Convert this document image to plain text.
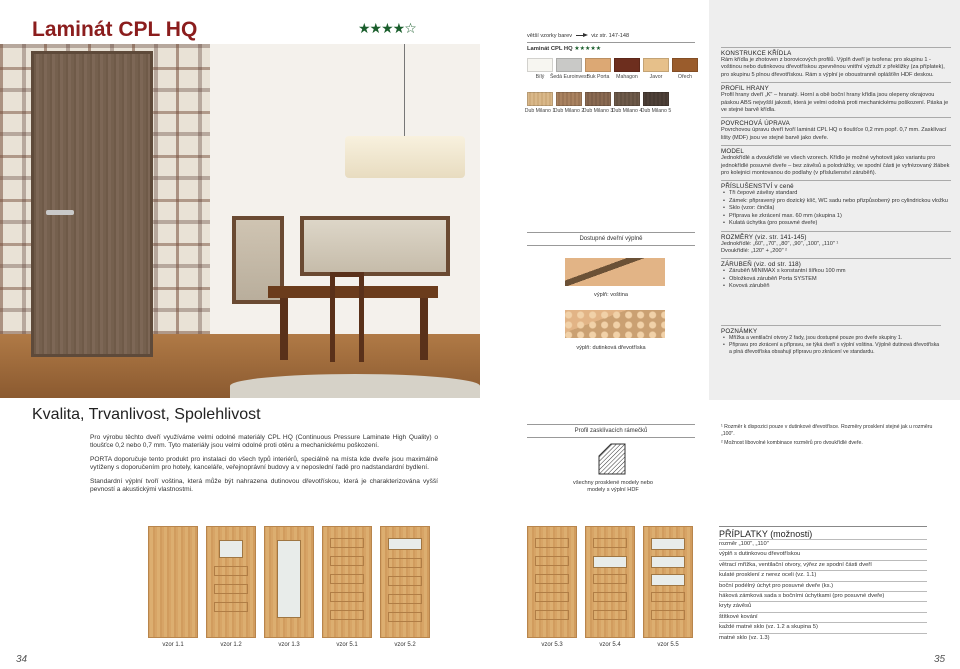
Laminát CPL HQ	★★★★☆
Kvalita, Trvanlivost, Spolehlivost

Pro výrobu těchto dveří využíváme velmi odolné materiály CPL HQ (Continuous Pressure Laminate High Quality) o tloušťce 0,2 nebo 0,7 mm. Tyto materiály jsou velmi odolné proti otěru a mechanickému poškození.

PORTA doporučuje tento produkt pro instalaci do všech typů interiérů, speciálně na místa kde dveře jsou maximálně vytíženy s doporučením pro hotely, kanceláře, veřejnoprávní budovy a v neposlední řadě pro nadstandardní bydlení.

Standardní výplní tvoří voština, která může být nahrazena dutinovou dřevotřískou, která je charakterizována vyšší pevností a akustickými vlastnostmi.

vzor 1.1	vzor 1.2	vzor 1.3	vzor 5.1	vzor 5.2
34
větší vzorky barev	viz str. 147-148
Laminát CPL HQ ★★★★★
Bílý	Šedá Euroinvest
Buk Porta	Mahagon	Javor	Ořech
Dub Milano 1
Dub Milano 2
Dub Milano 3
Dub Milano 4
Dub Milano 5
Dostupné dveřní výplně
výplň: voština
výplň: dutinková dřevotříska
Profil zasklívacích rámečků
všechny prosklené modely nebo modely s výplní HDF
vzor 5.3	vzor 5.4	vzor 5.5
KONSTRUKCE KŘÍDLA
Rám křídla je zhotoven z borovicových profilů. Výplň dveří je tvořena: pro skupinu 1 - voštinou nebo dutinkovou dřevotřískou zpevněnou vnitřní výztuží z překližky (za příplatek), pro skupinu 5 plnou dřevotřískou. Rám s výplní je oboustranně oplášťěn HDF deskou.
PROFIL HRANY
Profil hrany dveří „K" – hranatý. Horní a obě boční hrany křídla jsou olepeny okrajovou páskou ABS nejvyšší jakosti, která je velmi odolná proti mechanickému poškození. Páska je ve stejné barvě křídla.
POVRCHOVÁ ÚPRAVA
Povrchovou úpravu dveří tvoří laminát CPL HQ o tloušťce 0,2 mm popř. 0,7 mm. Zasklívací lišty (MDF) jsou ve stejné barvě jako dveře.
MODEL
Jednokřídlé a dvoukřídlé ve všech vzorech. Křídlo je možné vyhotovit jako variantu pro jednokřídlé posuvné dveře – bez závěsů a polodrážky, ve spodní části je vyfrézovaný žlábek pro kolejnici montovanou do podlahy (v příslušenství záruběň).
PŘÍSLUŠENSTVÍ v ceně
• Tři čepové závěsy standard
• Zámek: připravený pro dozický klíč, WC sadu nebo přizpůsobený pro cylindrickou vložku
• Sklo (vzor: činčila)
• Příprava ke zkrácení max. 60 mm (skupina 1)
• Kulatá úchytka (pro posuvné dveře)
ROZMĚRY (viz. str. 141-145)
Jednokřídlé: „60", „70", „80", „90", „100", „110" ¹
Dvoukřídlé: „120" + „200" ²
ZÁRUBEŇ (viz. od str. 118)
• Záruběň MINIMAX s konstantní šířkou 100 mm
• Obložková záruběň Porta SYSTEM
• Kovová záruběň
POZNÁMKY
• Mřížka a ventilační otvory 2 řady, jsou dostupné pouze pro dveře skupiny 1.
• Připravu pro zkrácení a přípravu, se týká dveří s výplní voština. Výplně dutinová dřevotříska a plná dřevotříska obsahují přípravu pro zkrácení ve standardu.

¹ Rozměr k dispozici pouze v dutinkové dřevotřísce. Rozměry prosklení stejné jak u rozměru „100".

² Možnost libovolné kombinace rozměrů pro dvoukřídlé dveře.

PŘÍPLATKY (možnosti)
rozměr „100", „110"
výplň s dutinkovou dřevotřískou
větrací mřížka, ventilační otvory, výřez ze spodní části dveří
kulaté prosklení z nerez oceli (vz. 1.1)
boční podélný úchyt pro posuvné dveře (ks.)
háková zámková sada s bočními úchytkami (pro posuvné dveře)
kryty závěsů
štítkové kování
každé matné sklo (vz. 1.2 a skupina 5)
matné sklo (vz. 1.3)
35
